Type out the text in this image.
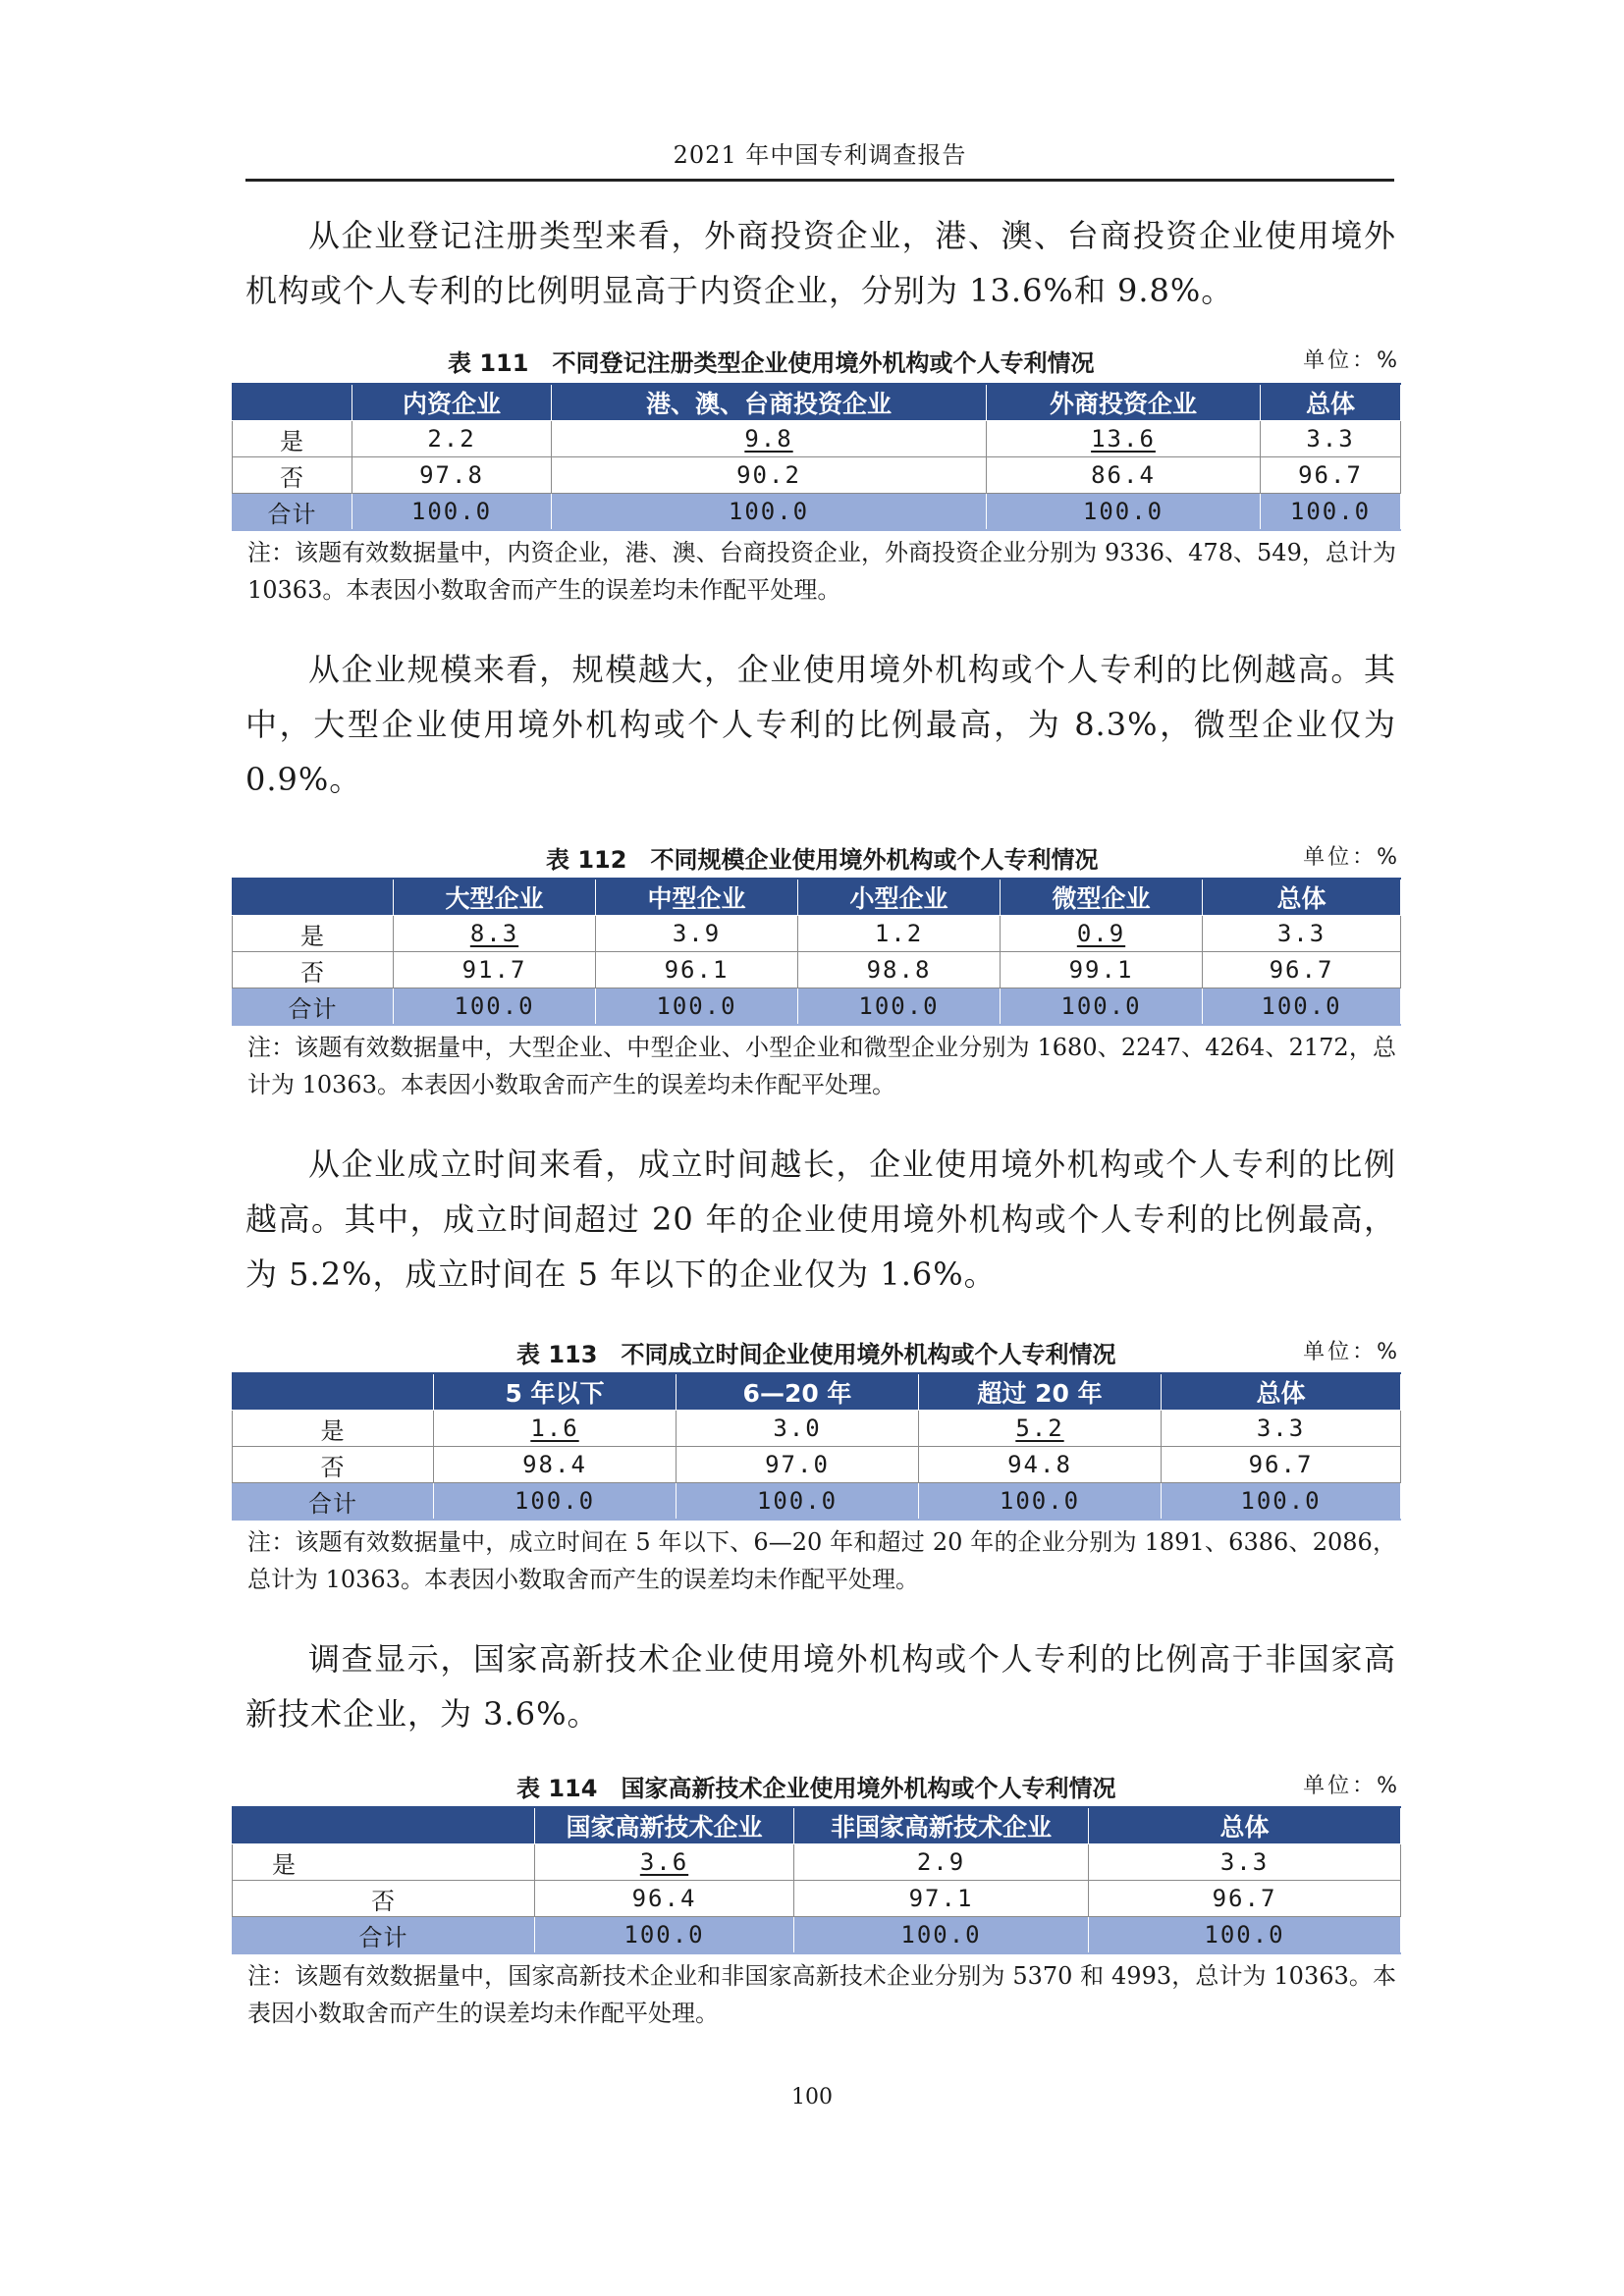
2021 年中国专利调查报告

从企业登记注册类型来看，外商投资企业，港、澳、台商投资企业使用境外机构或个人专利的比例明显高于内资企业，分别为 13.6%和 9.8%。

表 111　不同登记注册类型企业使用境外机构或个人专利情况	单位：%
	内资企业	港、澳、台商投资企业	外商投资企业	总体
是	2.2	9.8	13.6	3.3
否	97.8	90.2	86.4	96.7
合计	100.0	100.0	100.0	100.0

注：该题有效数据量中，内资企业，港、澳、台商投资企业，外商投资企业分别为 9336、478、549，总计为 10363。本表因小数取舍而产生的误差均未作配平处理。

从企业规模来看，规模越大，企业使用境外机构或个人专利的比例越高。其中，大型企业使用境外机构或个人专利的比例最高，为 8.3%，微型企业仅为 0.9%。

表 112　不同规模企业使用境外机构或个人专利情况	单位：%
	大型企业	中型企业	小型企业	微型企业	总体
是	8.3	3.9	1.2	0.9	3.3
否	91.7	96.1	98.8	99.1	96.7
合计	100.0	100.0	100.0	100.0	100.0

注：该题有效数据量中，大型企业、中型企业、小型企业和微型企业分别为 1680、2247、4264、2172，总计为 10363。本表因小数取舍而产生的误差均未作配平处理。

从企业成立时间来看，成立时间越长，企业使用境外机构或个人专利的比例越高。其中，成立时间超过 20 年的企业使用境外机构或个人专利的比例最高，为 5.2%，成立时间在 5 年以下的企业仅为 1.6%。

表 113　不同成立时间企业使用境外机构或个人专利情况	单位：%
	5 年以下	6—20 年	超过 20 年	总体
是	1.6	3.0	5.2	3.3
否	98.4	97.0	94.8	96.7
合计	100.0	100.0	100.0	100.0

注：该题有效数据量中，成立时间在 5 年以下、6—20 年和超过 20 年的企业分别为 1891、6386、2086，总计为 10363。本表因小数取舍而产生的误差均未作配平处理。

调查显示，国家高新技术企业使用境外机构或个人专利的比例高于非国家高新技术企业，为 3.6%。

表 114　国家高新技术企业使用境外机构或个人专利情况	单位：%
	国家高新技术企业	非国家高新技术企业	总体
是	3.6	2.9	3.3
否	96.4	97.1	96.7
合计	100.0	100.0	100.0

注：该题有效数据量中，国家高新技术企业和非国家高新技术企业分别为 5370 和 4993，总计为 10363。本表因小数取舍而产生的误差均未作配平处理。

100
